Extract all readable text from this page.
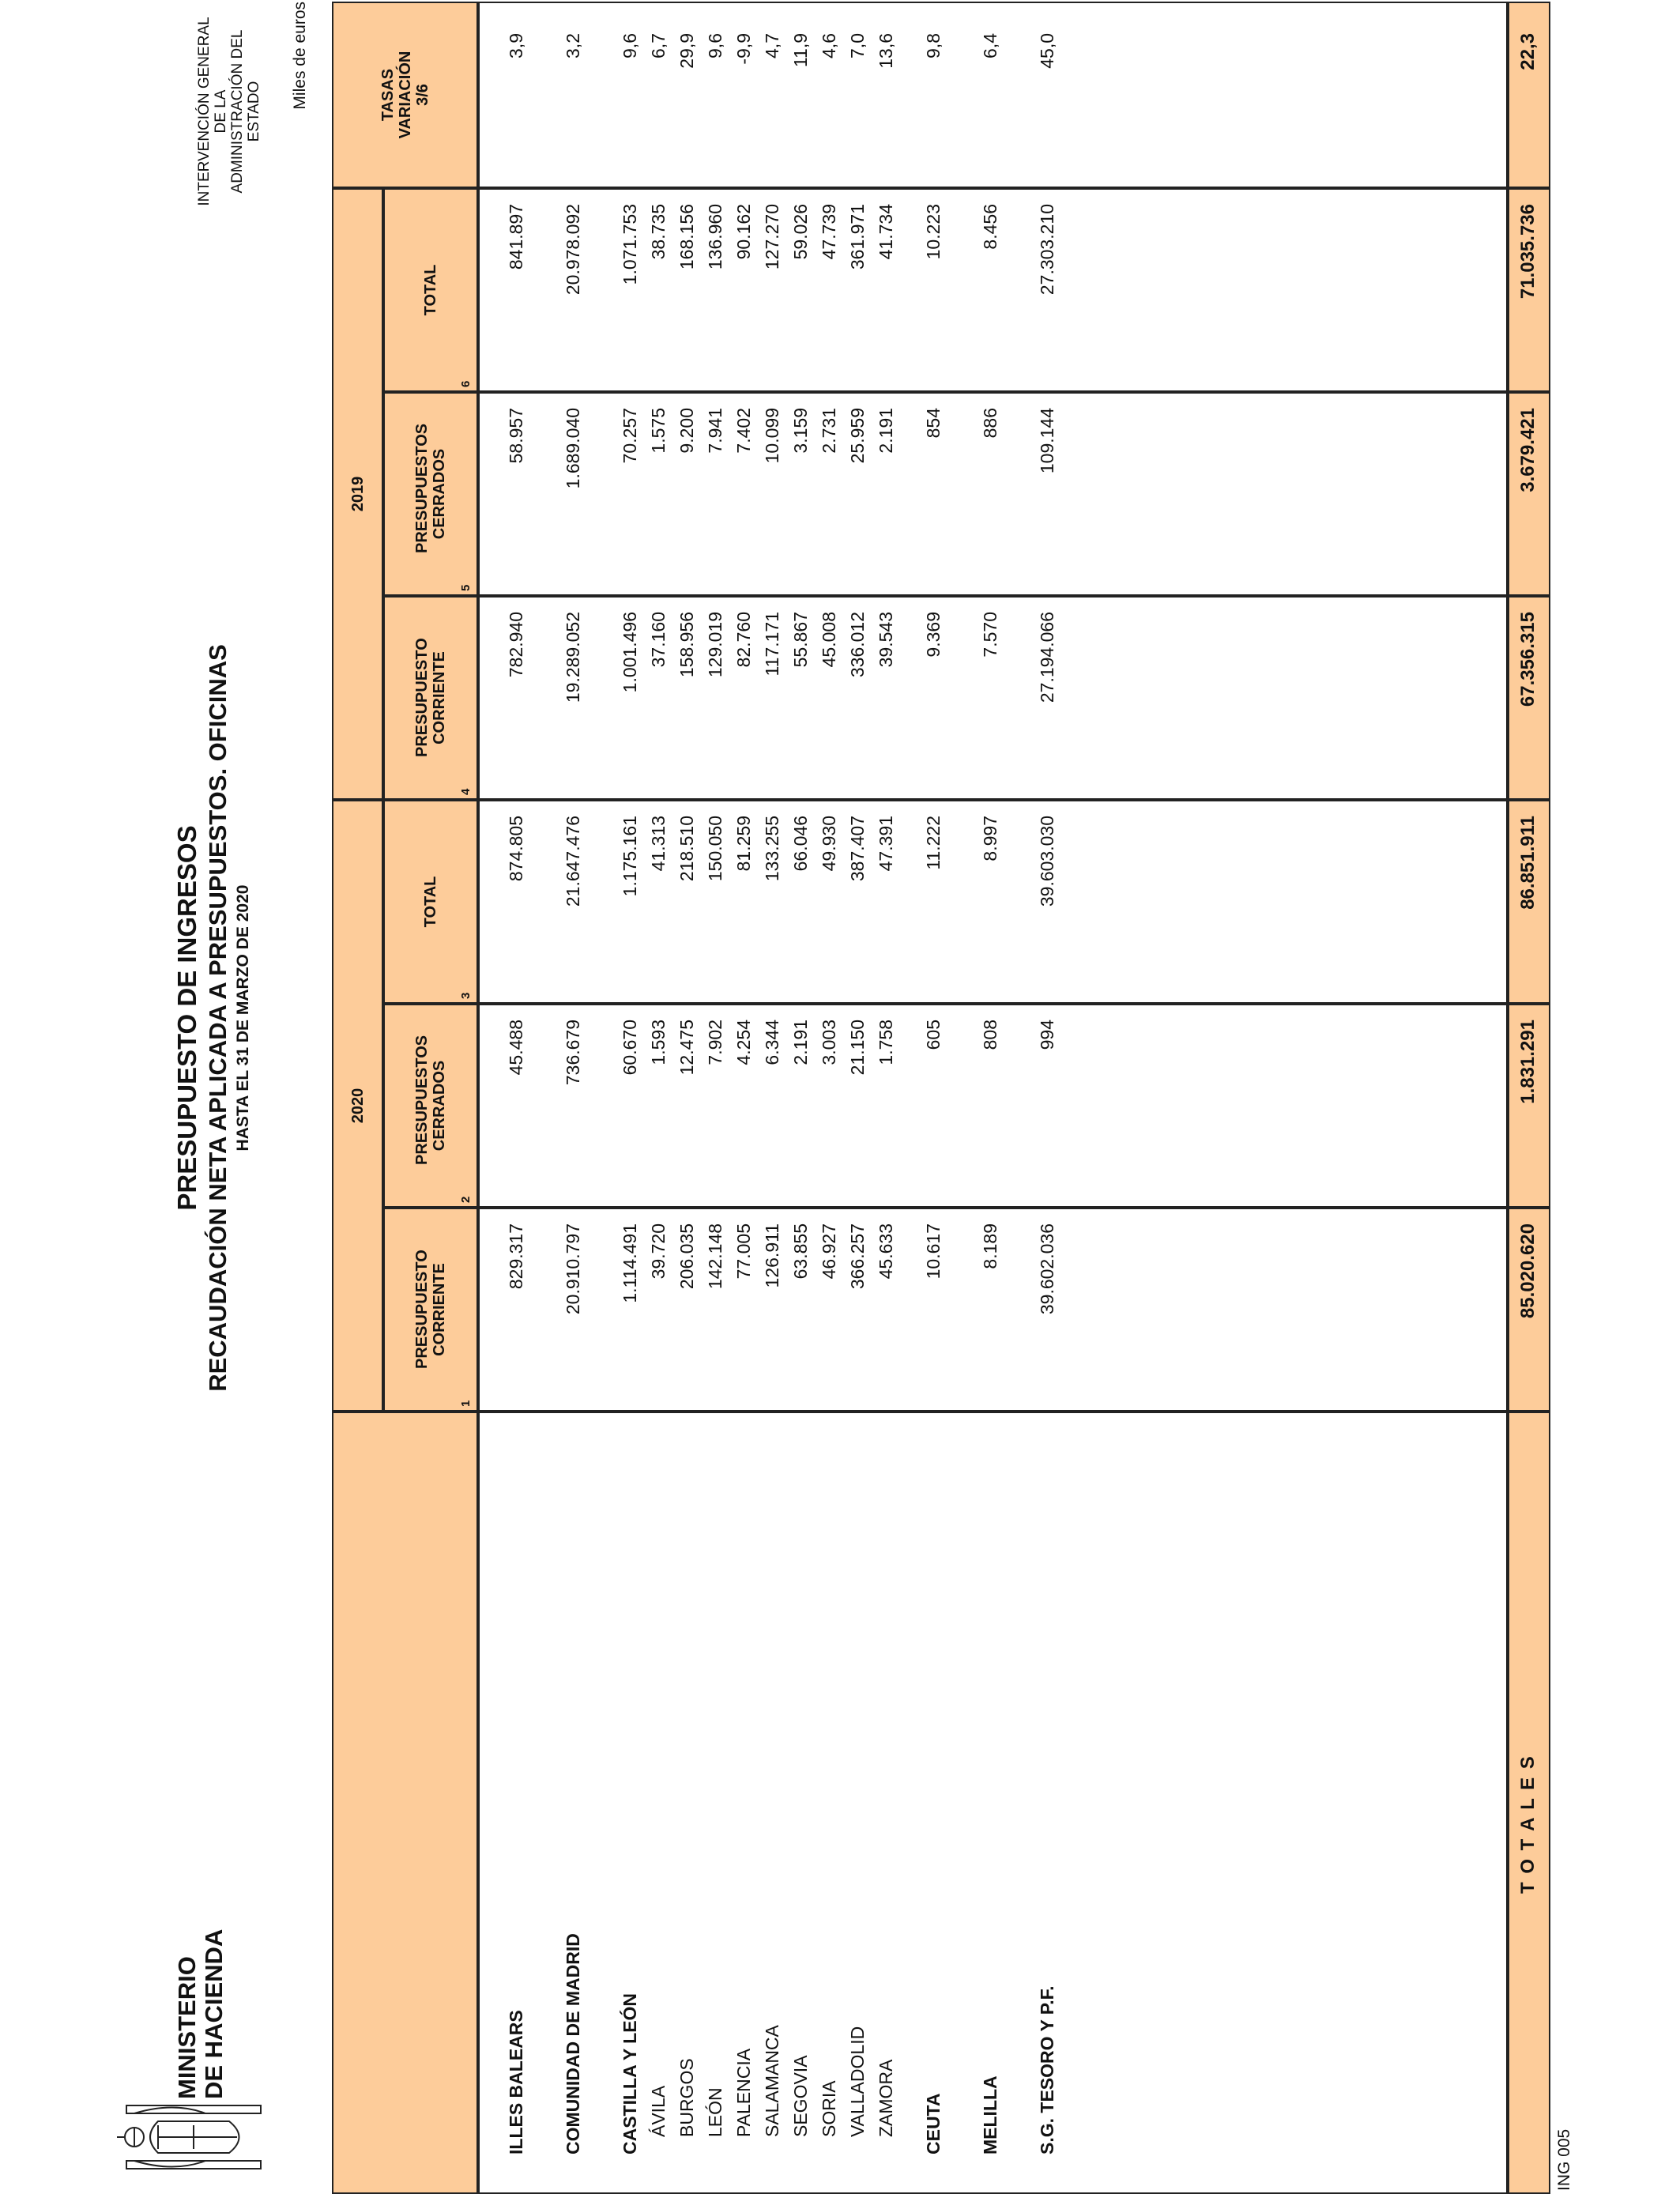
MINISTERIO DE HACIENDA
PRESUPUESTO DE INGRESOS RECAUDACIÓN NETA APLICADA A PRESUPUESTOS. OFICINAS HASTA EL 31 DE MARZO DE 2020
INTERVENCIÓN GENERAL DE LA ADMINISTRACIÓN DEL ESTADO
Miles de euros
2020
2019
PRESUPUESTO CORRIENTE
1
PRESUPUESTOS CERRADOS
2
TOTAL
3
PRESUPUESTO CORRIENTE
4
PRESUPUESTOS CERRADOS
5
TOTAL
6
TASAS VARIACIÓN 3/6
T O T A L E S
85.020.620
1.831.291
86.851.911
67.356.315
3.679.421
71.035.736
22,3
ILLES BALEARS
829.317
45.488
874.805
782.940
58.957
841.897
3,9
COMUNIDAD DE MADRID
20.910.797
736.679
21.647.476
19.289.052
1.689.040
20.978.092
3,2
CASTILLA Y LEÓN
1.114.491
60.670
1.175.161
1.001.496
70.257
1.071.753
9,6
ÁVILA
39.720
1.593
41.313
37.160
1.575
38.735
6,7
BURGOS
206.035
12.475
218.510
158.956
9.200
168.156
29,9
LEÓN
142.148
7.902
150.050
129.019
7.941
136.960
9,6
PALENCIA
77.005
4.254
81.259
82.760
7.402
90.162
-9,9
SALAMANCA
126.911
6.344
133.255
117.171
10.099
127.270
4,7
SEGOVIA
63.855
2.191
66.046
55.867
3.159
59.026
11,9
SORIA
46.927
3.003
49.930
45.008
2.731
47.739
4,6
VALLADOLID
366.257
21.150
387.407
336.012
25.959
361.971
7,0
ZAMORA
45.633
1.758
47.391
39.543
2.191
41.734
13,6
CEUTA
10.617
605
11.222
9.369
854
10.223
9,8
MELILLA
8.189
808
8.997
7.570
886
8.456
6,4
S.G. TESORO Y P.F.
39.602.036
994
39.603.030
27.194.066
109.144
27.303.210
45,0
ING 005
